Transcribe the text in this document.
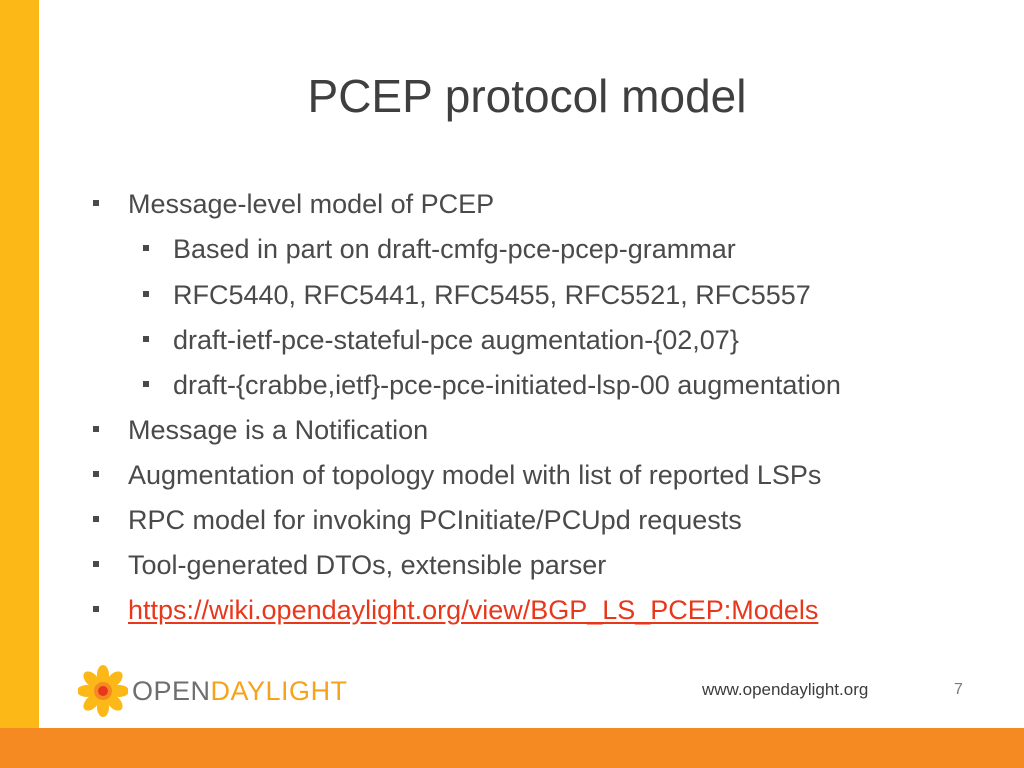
PCEP protocol model
Message-level model of PCEP
Based in part on draft-cmfg-pce-pcep-grammar
RFC5440, RFC5441, RFC5455, RFC5521, RFC5557
draft-ietf-pce-stateful-pce augmentation-{02,07}
draft-{crabbe,ietf}-pce-pce-initiated-lsp-00 augmentation
Message is a Notification
Augmentation of topology model with list of reported LSPs
RPC model for invoking PCInitiate/PCUpd requests
Tool-generated DTOs, extensible parser
https://wiki.opendaylight.org/view/BGP_LS_PCEP:Models
OPENDAYLIGHT	www.opendaylight.org	7
